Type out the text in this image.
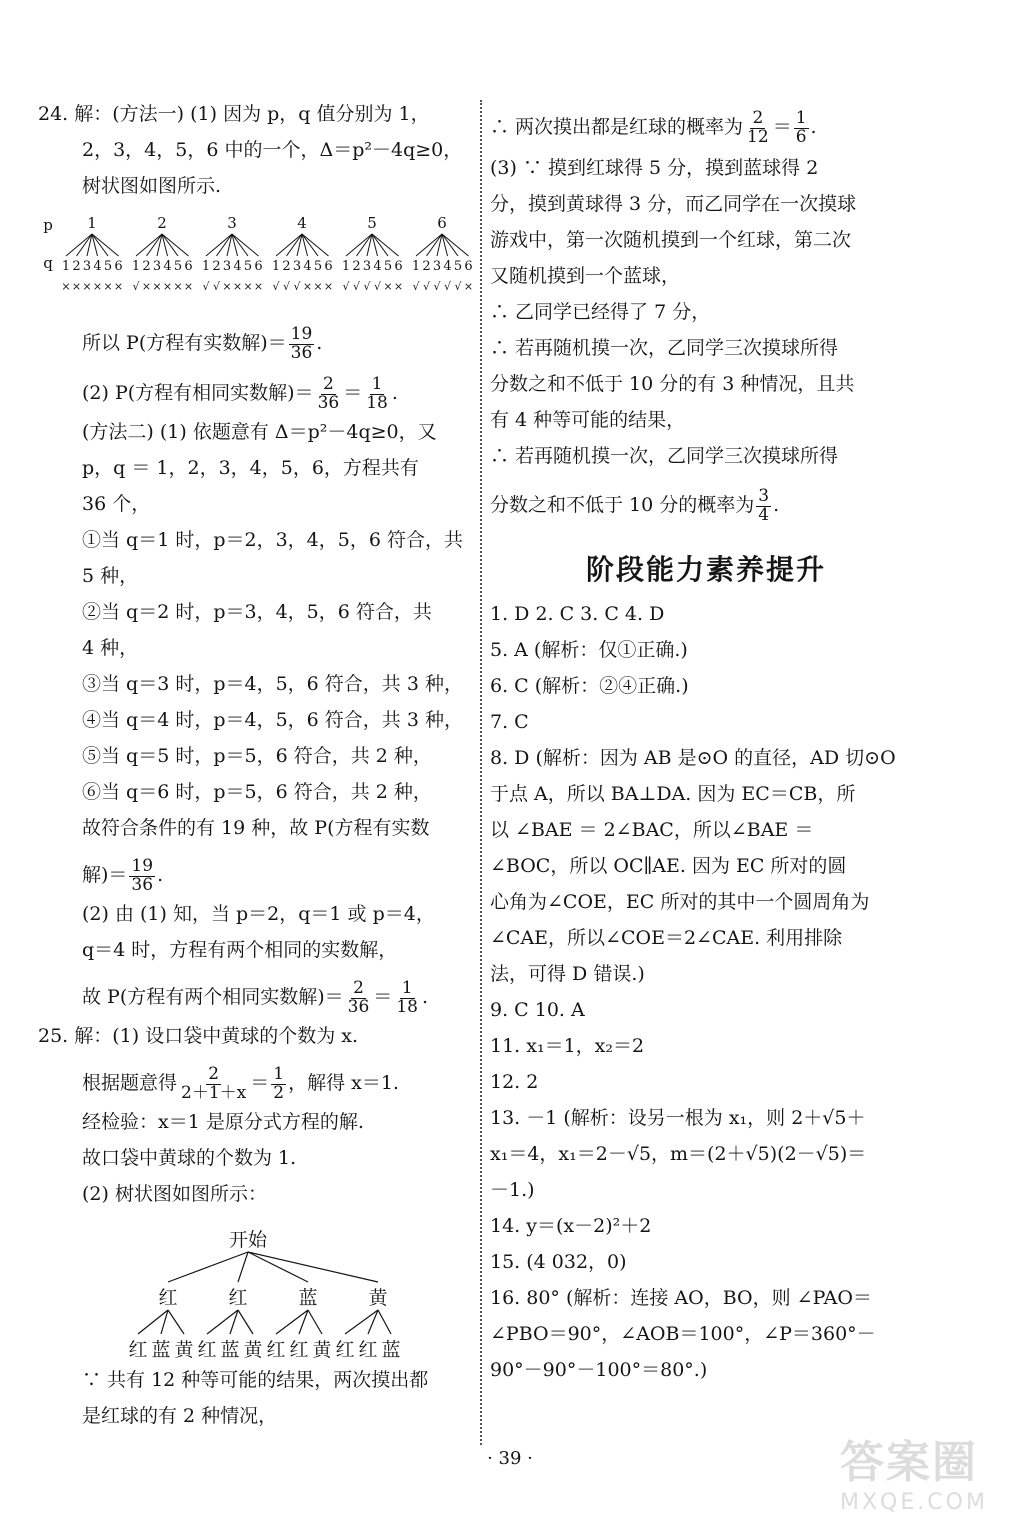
24. 解：(方法一) (1) 因为 p，q 值分别为 1，
2，3，4，5，6 中的一个，Δ＝p²－4q≥0，
树状图如图所示.
p
q
1
1
×
2
×
3
×
4
×
5
×
6
×
2
1
√
2
×
3
×
4
×
5
×
6
×
3
1
√
2
√
3
×
4
×
5
×
6
×
4
1
√
2
√
3
√
4
×
5
×
6
×
5
1
√
2
√
3
√
4
√
5
×
6
×
6
1
√
2
√
3
√
4
√
5
√
6
×
所以 P(方程有实数解)＝ $\frac{19}{36}$ .
(2) P(方程有相同实数解)＝ $\frac{2}{36} = \frac{1}{18}$ .
(方法二) (1) 依题意有 Δ＝p²－4q≥0，又
p，q ＝ 1，2，3，4，5，6，方程共有
36 个，
①当 q＝1 时，p＝2，3，4，5，6 符合，共
5 种，
②当 q＝2 时，p＝3，4，5，6 符合，共
4 种，
③当 q＝3 时，p＝4，5，6 符合，共 3 种，
④当 q＝4 时，p＝4，5，6 符合，共 3 种，
⑤当 q＝5 时，p＝5，6 符合，共 2 种，
⑥当 q＝6 时，p＝5，6 符合，共 2 种，
故符合条件的有 19 种，故 P(方程有实数
解)＝ $\frac{19}{36}$ .
(2) 由 (1) 知，当 p＝2，q＝1 或 p＝4，
q＝4 时，方程有两个相同的实数解，
故 P(方程有两个相同实数解)＝ $\frac{2}{36} = \frac{1}{18}$ .
25. 解：(1) 设口袋中黄球的个数为 x.
根据题意得 $\frac{2}{2+1+x} = \frac{1}{2}$ ，解得 x＝1.
经检验：x＝1 是原分式方程的解.
故口袋中黄球的个数为 1.
(2) 树状图如图所示：
开始
红
红 蓝 黄
红
红 蓝 黄
蓝
红 红 黄
黄
红 红 蓝
∵ 共有 12 种等可能的结果，两次摸出都
是红球的有 2 种情况，
∴ 两次摸出都是红球的概率为 $\frac{2}{12} = \frac{1}{6}$ .
(3) ∵ 摸到红球得 5 分，摸到蓝球得 2
分，摸到黄球得 3 分，而乙同学在一次摸球
游戏中，第一次随机摸到一个红球，第二次
又随机摸到一个蓝球，
∴ 乙同学已经得了 7 分，
∴ 若再随机摸一次，乙同学三次摸球所得
分数之和不低于 10 分的有 3 种情况，且共
有 4 种等可能的结果，
∴ 若再随机摸一次，乙同学三次摸球所得
分数之和不低于 10 分的概率为 $\frac{3}{4}$ .
阶段能力素养提升
1. D 2. C 3. C 4. D
5. A (解析：仅①正确.)
6. C (解析：②④正确.)
7. C
8. D (解析：因为 AB 是⊙O 的直径，AD 切⊙O
于点 A，所以 BA⊥DA. 因为 EC＝CB，所
以 ∠BAE ＝ 2∠BAC，所以∠BAE ＝
∠BOC，所以 OC∥AE. 因为 EC 所对的圆
心角为∠COE，EC 所对的其中一个圆周角为
∠CAE，所以∠COE＝2∠CAE. 利用排除
法，可得 D 错误.)
9. C 10. A
11. x₁＝1，x₂＝2
12. 2
13. －1 (解析：设另一根为 x₁，则 2＋√5＋
x₁＝4，x₁＝2－√5，m＝(2＋√5)(2－√5)＝
－1.)
14. y＝(x－2)²＋2
15. (4 032，0)
16. 80° (解析：连接 AO，BO，则 ∠PAO＝
∠PBO＝90°，∠AOB＝100°，∠P＝360°－
90°－90°－100°＝80°.)
· 39 ·	答案圈
MXQE.COM
